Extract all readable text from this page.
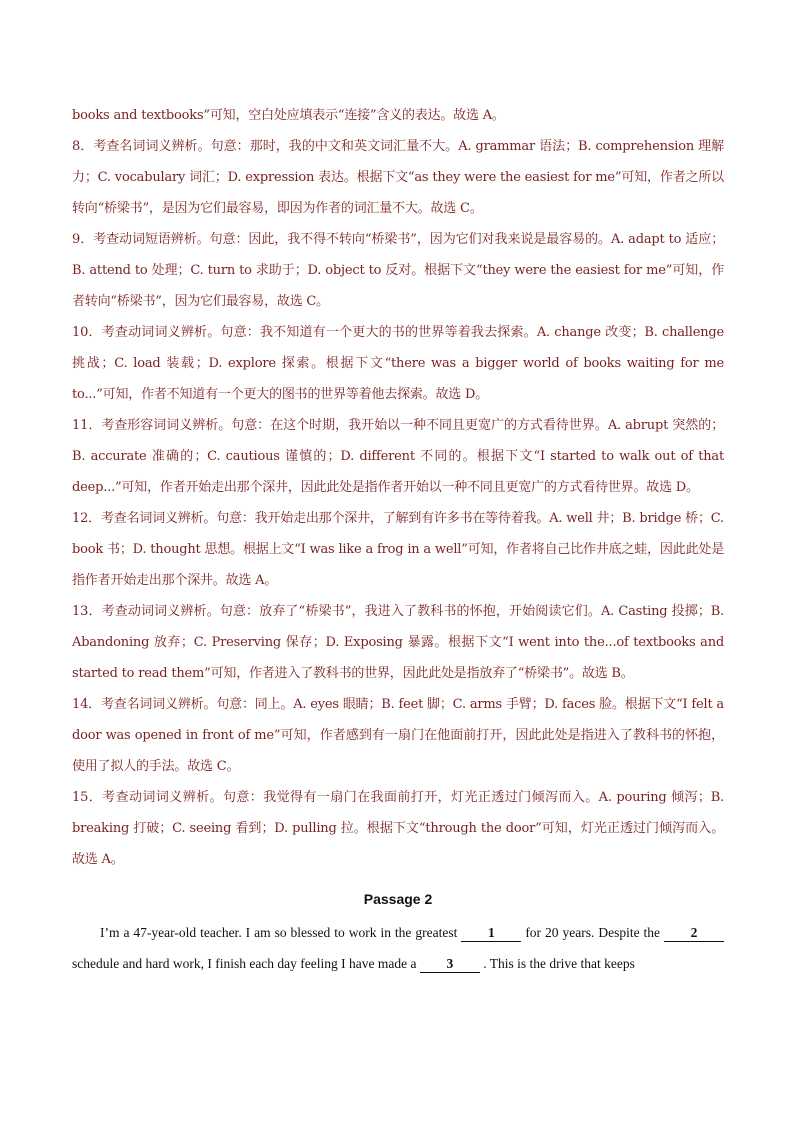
books and textbooks”可知，空白处应填表示“连接”含义的表达。故选 A。

8．考查名词词义辨析。句意：那时，我的中文和英文词汇量不大。A. grammar 语法；B. comprehension 理解力；C. vocabulary 词汇；D. expression 表达。根据下文“as they were the easiest for me”可知，作者之所以转向“桥梁书”，是因为它们最容易，即因为作者的词汇量不大。故选 C。

9．考查动词短语辨析。句意：因此，我不得不转向“桥梁书”，因为它们对我来说是最容易的。A. adapt to 适应；B. attend to 处理；C. turn to 求助于；D. object to 反对。根据下文“they were the easiest for me”可知，作者转向“桥梁书”，因为它们最容易，故选 C。

10．考查动词词义辨析。句意：我不知道有一个更大的书的世界等着我去探索。A. change 改变；B. challenge 挑战；C. load 装载；D. explore 探索。根据下文“there was a bigger world of books waiting for me to...”可知，作者不知道有一个更大的图书的世界等着他去探索。故选 D。

11．考查形容词词义辨析。句意：在这个时期，我开始以一种不同且更宽广的方式看待世界。A. abrupt 突然的；B. accurate 准确的；C. cautious 谨慎的；D. different 不同的。根据下文“I started to walk out of that deep...”可知，作者开始走出那个深井，因此此处是指作者开始以一种不同且更宽广的方式看待世界。故选 D。

12．考查名词词义辨析。句意：我开始走出那个深井，了解到有许多书在等待着我。A. well 井；B. bridge 桥；C. book 书；D. thought 思想。根据上文“I was like a frog in a well”可知，作者将自己比作井底之蛙，因此此处是指作者开始走出那个深井。故选 A。

13．考查动词词义辨析。句意：放弃了“桥梁书”，我进入了教科书的怀抱，开始阅读它们。A. Casting 投掷；B. Abandoning 放弃；C. Preserving 保存；D. Exposing 暴露。根据下文“I went into the...of textbooks and started to read them”可知，作者进入了教科书的世界，因此此处是指放弃了“桥梁书”。故选 B。

14．考查名词词义辨析。句意：同上。A. eyes 眼睛；B. feet 脚；C. arms 手臂；D. faces 脸。根据下文“I felt a door was opened in front of me”可知，作者感到有一扇门在他面前打开，因此此处是指进入了教科书的怀抱，使用了拟人的手法。故选 C。

15．考查动词词义辨析。句意：我觉得有一扇门在我面前打开，灯光正透过门倾泻而入。A. pouring 倾泻；B. breaking 打破；C. seeing 看到；D. pulling 拉。根据下文“through the door”可知，灯光正透过门倾泻而入。故选 A。

Passage 2

I’m a 47-year-old teacher. I am so blessed to work in the greatest 1 for 20 years. Despite the 2 schedule and hard work, I finish each day feeling I have made a 3 . This is the drive that keeps
